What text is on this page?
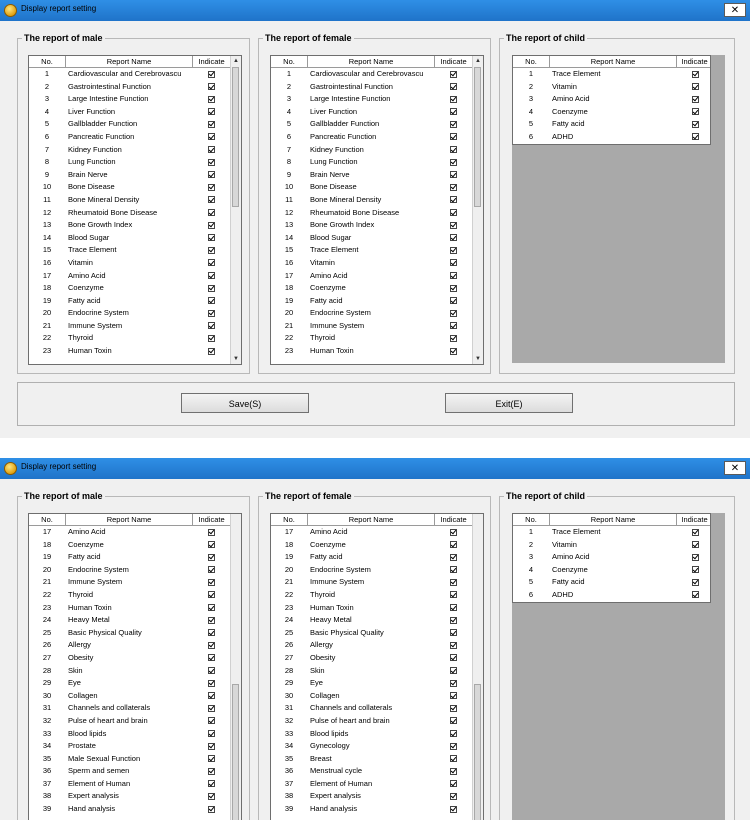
Display report setting	✕
The report of male
No.	Report Name	Indicate
1	Cardiovascular and Cerebrovascu
2	Gastrointestinal Function
3	Large Intestine Function
4	Liver Function
5	Gallbladder Function
6	Pancreatic Function
7	Kidney Function
8	Lung Function
9	Brain Nerve
10	Bone Disease
11	Bone Mineral Density
12	Rheumatoid Bone Disease
13	Bone Growth Index
14	Blood Sugar
15	Trace Element
16	Vitamin
17	Amino Acid
18	Coenzyme
19	Fatty acid
20	Endocrine System
21	Immune System
22	Thyroid
23	Human Toxin
▲
▼
The report of female
No.	Report Name	Indicate
1	Cardiovascular and Cerebrovascu
2	Gastrointestinal Function
3	Large Intestine Function
4	Liver Function
5	Gallbladder Function
6	Pancreatic Function
7	Kidney Function
8	Lung Function
9	Brain Nerve
10	Bone Disease
11	Bone Mineral Density
12	Rheumatoid Bone Disease
13	Bone Growth Index
14	Blood Sugar
15	Trace Element
16	Vitamin
17	Amino Acid
18	Coenzyme
19	Fatty acid
20	Endocrine System
21	Immune System
22	Thyroid
23	Human Toxin
▲
▼
The report of child
No.	Report Name	Indicate
1	Trace Element
2	Vitamin
3	Amino Acid
4	Coenzyme
5	Fatty acid
6	ADHD
Save(S)	Exit(E)
Display report setting	✕
The report of male
No.	Report Name	Indicate
17	Amino Acid
18	Coenzyme
19	Fatty acid
20	Endocrine System
21	Immune System
22	Thyroid
23	Human Toxin
24	Heavy Metal
25	Basic Physical Quality
26	Allergy
27	Obesity
28	Skin
29	Eye
30	Collagen
31	Channels and collaterals
32	Pulse of heart and brain
33	Blood lipids
34	Prostate
35	Male Sexual Function
36	Sperm and semen
37	Element of Human
38	Expert analysis
39	Hand analysis
The report of female
No.	Report Name	Indicate
17	Amino Acid
18	Coenzyme
19	Fatty acid
20	Endocrine System
21	Immune System
22	Thyroid
23	Human Toxin
24	Heavy Metal
25	Basic Physical Quality
26	Allergy
27	Obesity
28	Skin
29	Eye
30	Collagen
31	Channels and collaterals
32	Pulse of heart and brain
33	Blood lipids
34	Gynecology
35	Breast
36	Menstrual cycle
37	Element of Human
38	Expert analysis
39	Hand analysis
The report of child
No.	Report Name	Indicate
1	Trace Element
2	Vitamin
3	Amino Acid
4	Coenzyme
5	Fatty acid
6	ADHD
